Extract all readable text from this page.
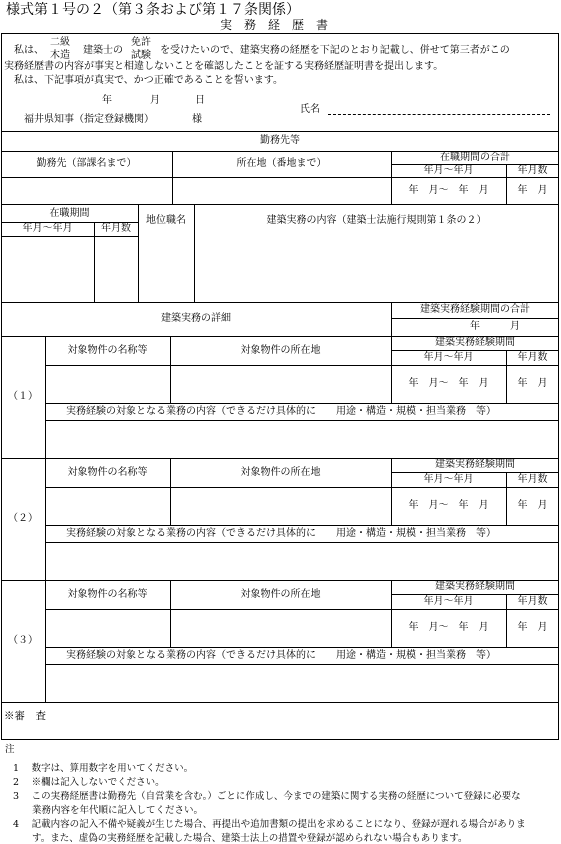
様式第１号の２（第３条および第１７条関係）
実　務　経　歴　書
私は、
二級
木造 建築士の
免許
試験 を受けたいので、建築実務の経歴を下記のとおり記載し、併せて第三者がこの
実務経歴書の内容が事実と相違しないことを確認したことを証する実務経歴証明書を提出します。
私は、下記事項が真実で、かつ正確であることを誓います。
年	月	日
福井県知事（指定登録機関）	様
氏名
勤務先等
勤務先（部課名まで）	所在地（番地まで）
在職期間の合計
年月～年月	年月数
年　月～　年　月	年　月
在職期間
年月～年月	年月数
地位職名	建築実務の内容（建築士法施行規則第１条の２）
建築実務の詳細
建築実務経験期間の合計
年　　　月
（１）
対象物件の名称等	対象物件の所在地
建築実務経験期間
年月～年月	年月数
年　月～　年　月	年　月
実務経験の対象となる業務の内容（できるだけ具体的に　　用途・構造・規模・担当業務　等）
（２）
対象物件の名称等	対象物件の所在地
建築実務経験期間
年月～年月	年月数
年　月～　年　月	年　月
実務経験の対象となる業務の内容（できるだけ具体的に　　用途・構造・規模・担当業務　等）
（３）
対象物件の名称等	対象物件の所在地
建築実務経験期間
年月～年月	年月数
年　月～　年　月	年　月
実務経験の対象となる業務の内容（できるだけ具体的に　　用途・構造・規模・担当業務　等）
※審　査
注
1　 数字は、算用数字を用いてください。
2　 ※欄は記入しないでください。
3　 この実務経歴書は勤務先（自営業を含む。）ごとに作成し、今までの建築に関する実務の経歴について登録に必要な
　　業務内容を年代順に記入してください。
4　 記載内容の記入不備や疑義が生じた場合、再提出や追加書類の提出を求めることになり、登録が遅れる場合がありま
　　す。また、虚偽の実務経歴を記載した場合、建築士法上の措置や登録が認められない場合もあります。
